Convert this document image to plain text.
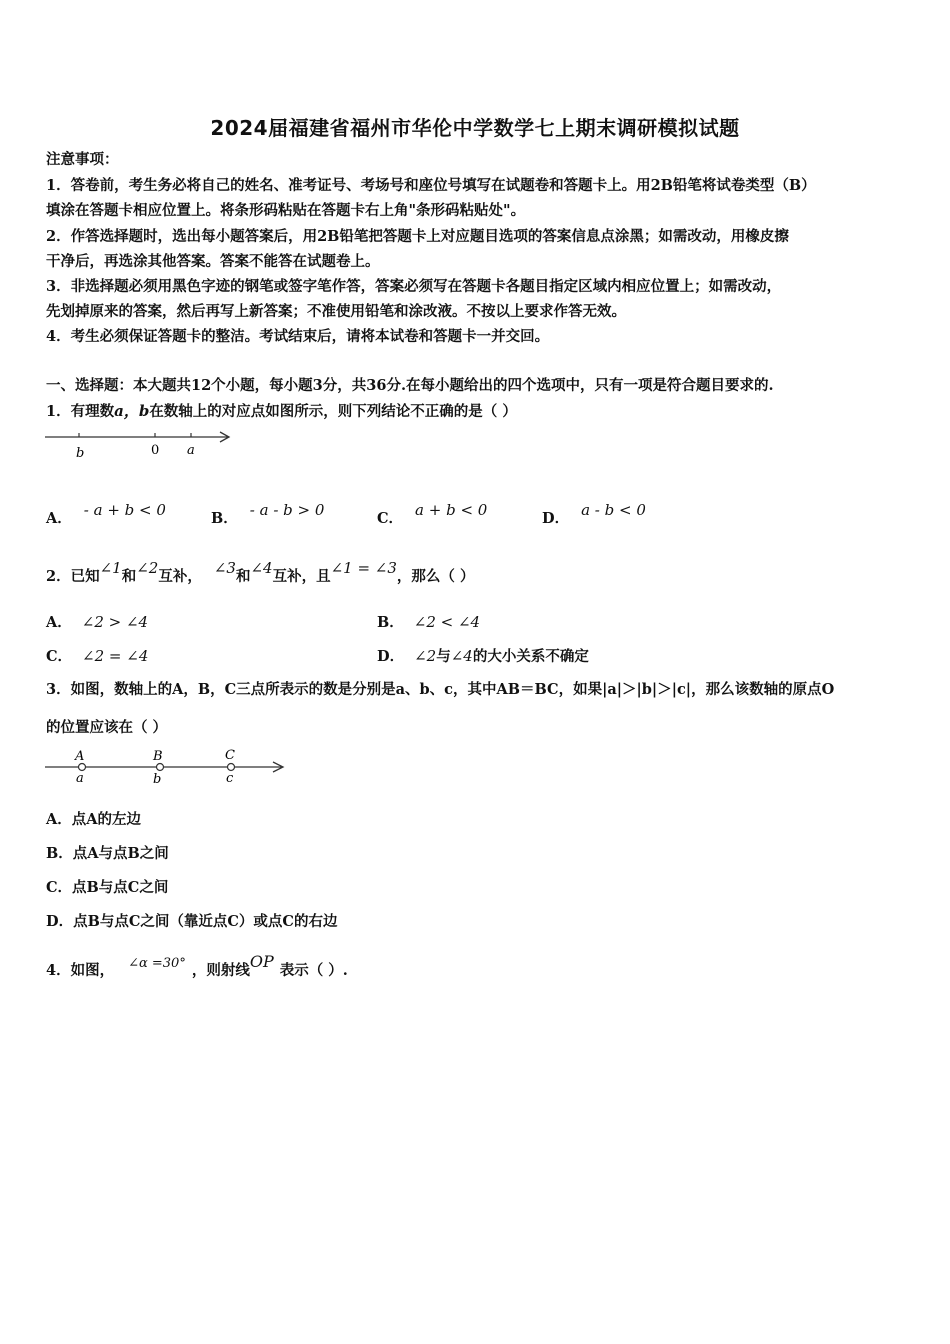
2024届福建省福州市华伦中学数学七上期末调研模拟试题
注意事项：
1．答卷前，考生务必将自己的姓名、准考证号、考场号和座位号填写在试题卷和答题卡上。用2B铅笔将试卷类型（B）
填涂在答题卡相应位置上。将条形码粘贴在答题卡右上角"条形码粘贴处"。
2．作答选择题时，选出每小题答案后，用2B铅笔把答题卡上对应题目选项的答案信息点涂黑；如需改动，用橡皮擦
干净后，再选涂其他答案。答案不能答在试题卷上。
3．非选择题必须用黑色字迹的钢笔或签字笔作答，答案必须写在答题卡各题目指定区域内相应位置上；如需改动，
先划掉原来的答案，然后再写上新答案；不准使用铅笔和涂改液。不按以上要求作答无效。
4．考生必须保证答题卡的整洁。考试结束后，请将本试卷和答题卡一并交回。
一、选择题：本大题共12个小题，每小题3分，共36分.在每小题给出的四个选项中，只有一项是符合题目要求的.
1．有理数a，b在数轴上的对应点如图所示，则下列结论不正确的是（ ）
b	0 a
A． - a + b < 0	B． - a - b > 0	C． a + b < 0	D． a - b < 0
2．已知∠1和∠2互补， ∠3和∠4互补，且∠1 = ∠3，那么（ ）
A． ∠2 > ∠4	B． ∠2 < ∠4
C． ∠2 = ∠4	D． ∠2与∠4的大小关系不确定
3．如图，数轴上的A，B，C三点所表示的数是分别是a、b、c，其中AB＝BC，如果|a|＞|b|＞|c|，那么该数轴的原点O
的位置应该在（ ）
A	B	C
a	b	c
A．点A的左边
B．点A与点B之间
C．点B与点C之间
D．点B与点C之间（靠近点C）或点C的右边
4．如图， ∠α =30° ，则射线OP 表示（ ）.
